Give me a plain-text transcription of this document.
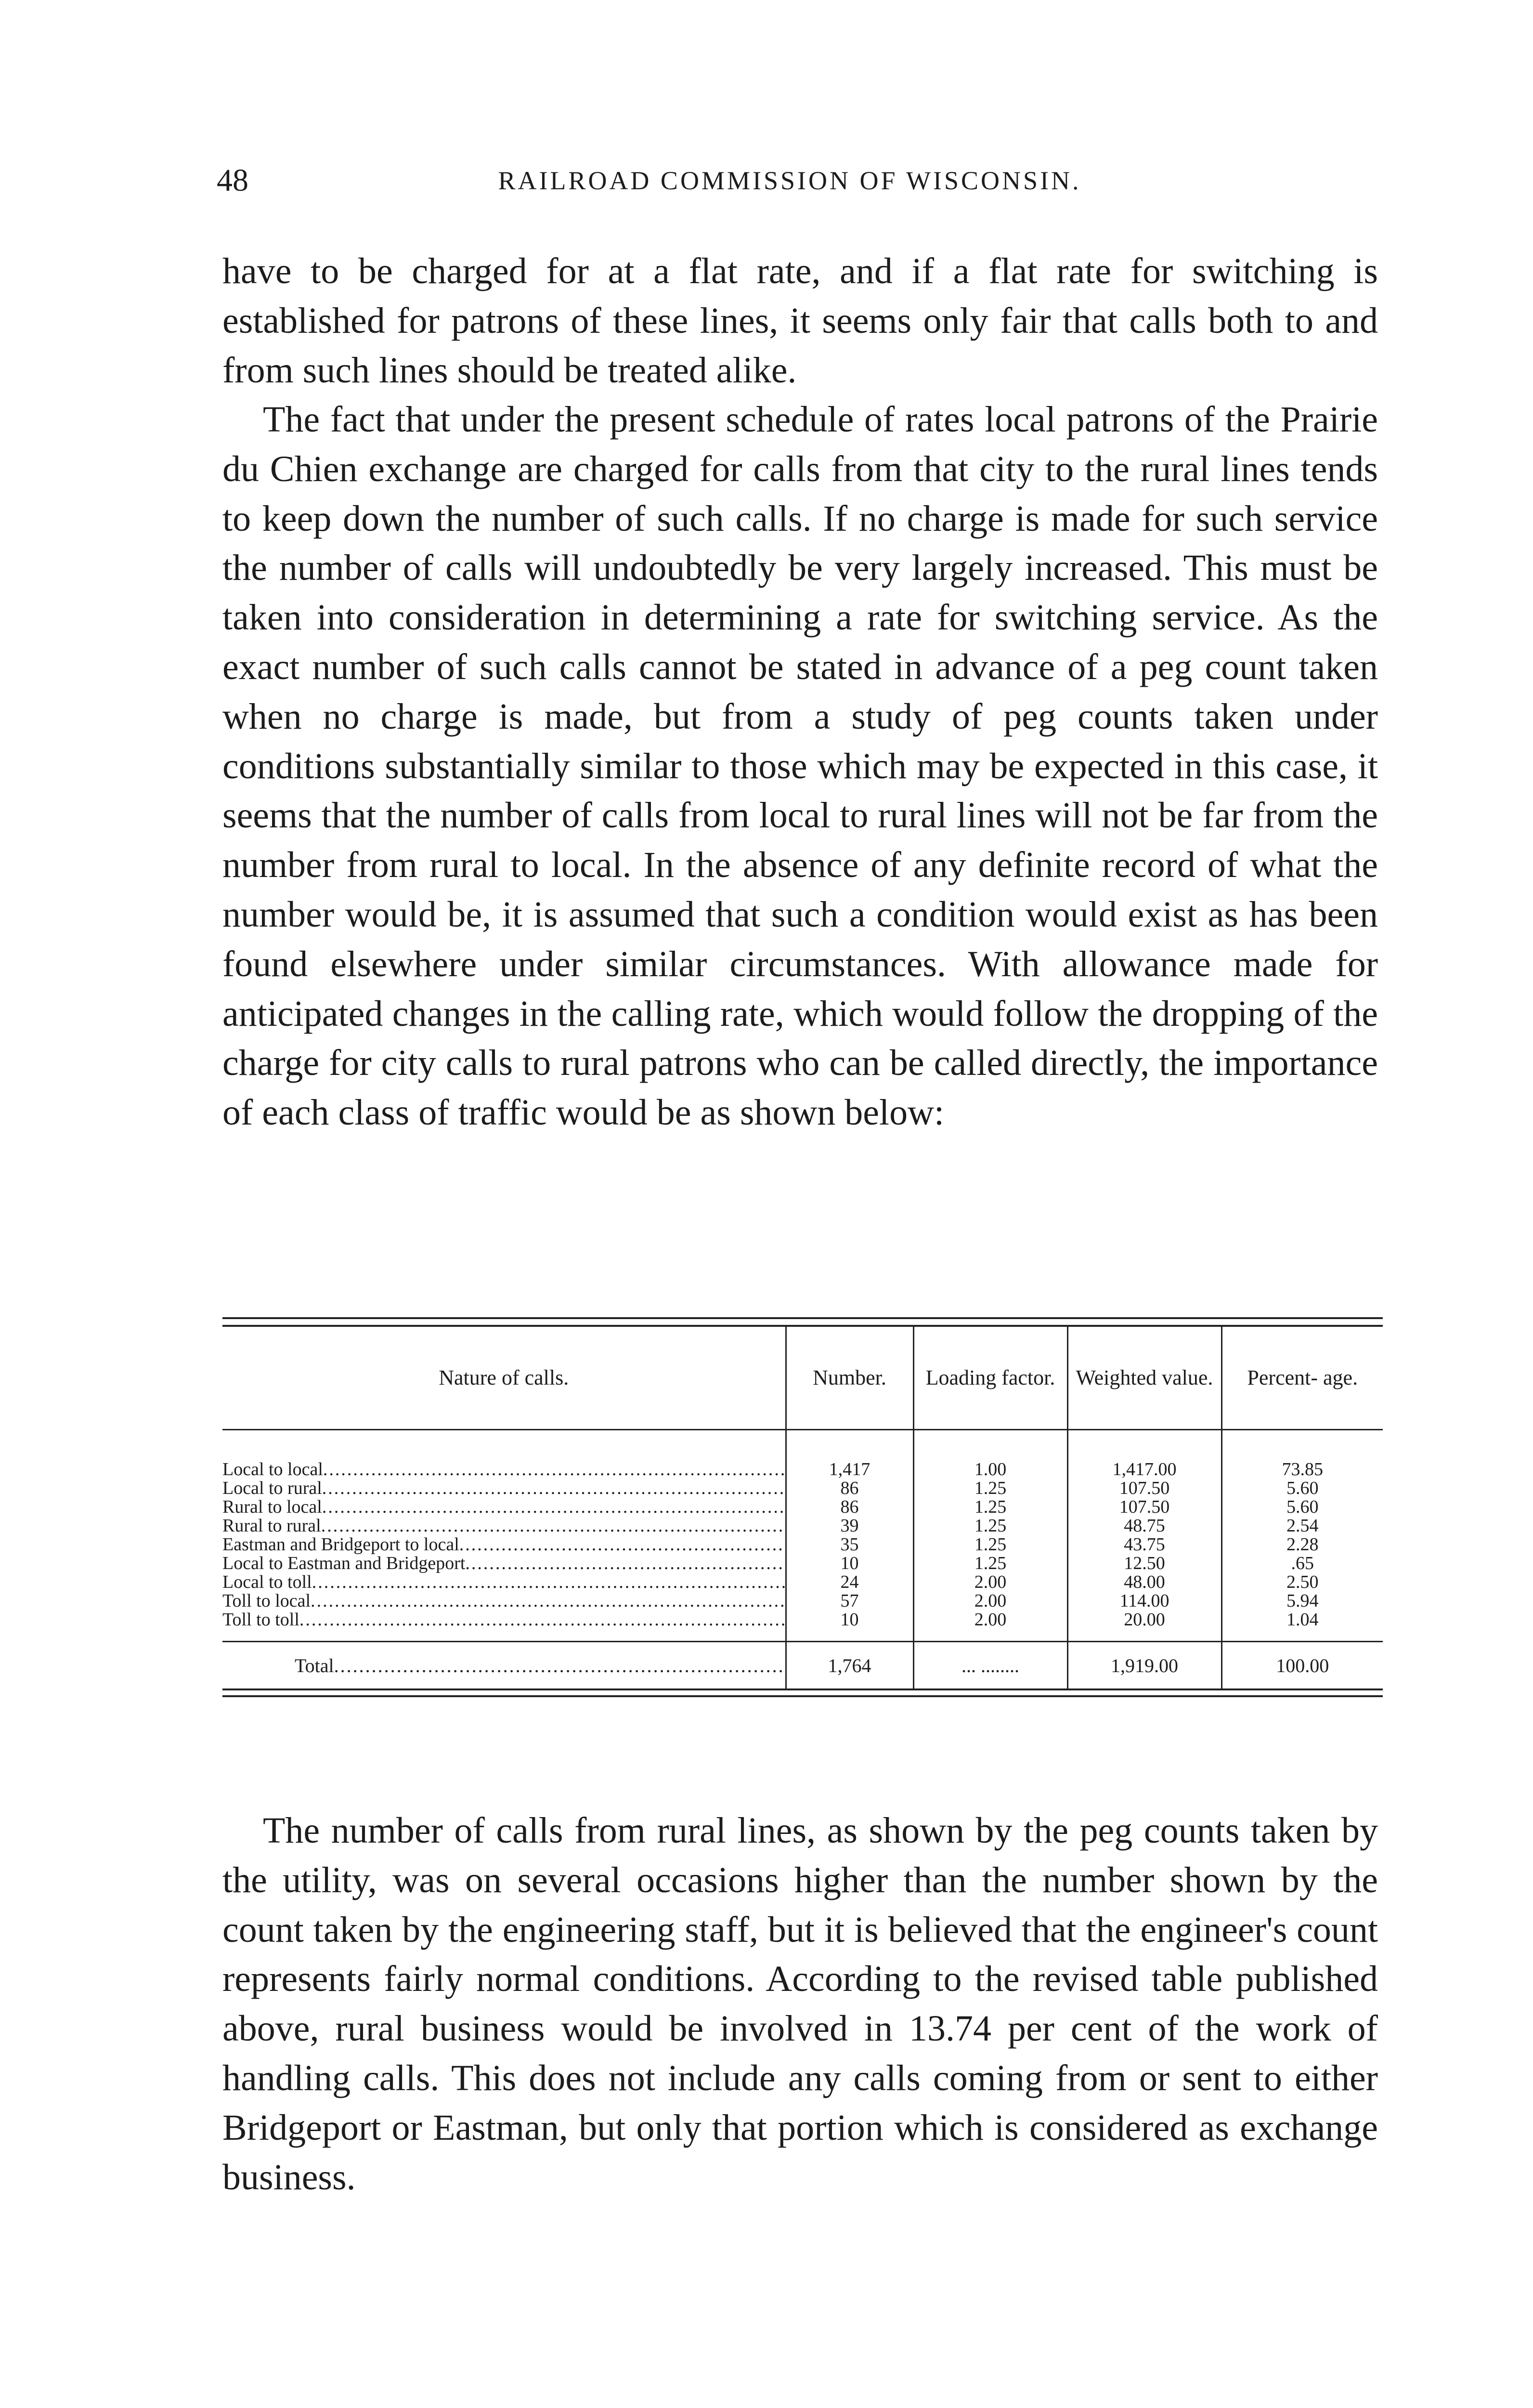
48	RAILROAD COMMISSION OF WISCONSIN.

have to be charged for at a flat rate, and if a flat rate for switching is established for patrons of these lines, it seems only fair that calls both to and from such lines should be treated alike.

The fact that under the present schedule of rates local patrons of the Prairie du Chien exchange are charged for calls from that city to the rural lines tends to keep down the number of such calls. If no charge is made for such service the number of calls will undoubtedly be very largely increased. This must be taken into consideration in determining a rate for switching service. As the exact number of such calls cannot be stated in advance of a peg count taken when no charge is made, but from a study of peg counts taken under conditions substantially similar to those which may be expected in this case, it seems that the number of calls from local to rural lines will not be far from the number from rural to local. In the absence of any definite record of what the number would be, it is assumed that such a condition would exist as has been found elsewhere under similar circumstances. With allowance made for anticipated changes in the calling rate, which would follow the dropping of the charge for city calls to rural patrons who can be called directly, the importance of each class of traffic would be as shown below:

Nature of calls.	Number.	Loading factor.	Weighted value.	Percent- age.

Local to local
.....	1,417	1.00	1,417.00	73.85

Local to rural
.....	86	1.25	107.50	5.60

Rural to local
.....	86	1.25	107.50	5.60

Rural to rural
.....	39	1.25	48.75	2.54

Eastman and Bridgeport to local
.....	35	1.25	43.75	2.28

Local to Eastman and Bridgeport
.....	10	1.25	12.50	.65

Local to toll
.....	24	2.00	48.00	2.50

Toll to local
.....	57	2.00	114.00	5.94

Toll to toll
.....	10	2.00	20.00	1.04

Total
.....	1,764	... ........	1,919.00	100.00

The number of calls from rural lines, as shown by the peg counts taken by the utility, was on several occasions higher than the number shown by the count taken by the engineering staff, but it is believed that the engineer's count represents fairly normal conditions. According to the revised table published above, rural business would be involved in 13.74 per cent of the work of handling calls. This does not include any calls coming from or sent to either Bridgeport or Eastman, but only that portion which is considered as exchange business.
